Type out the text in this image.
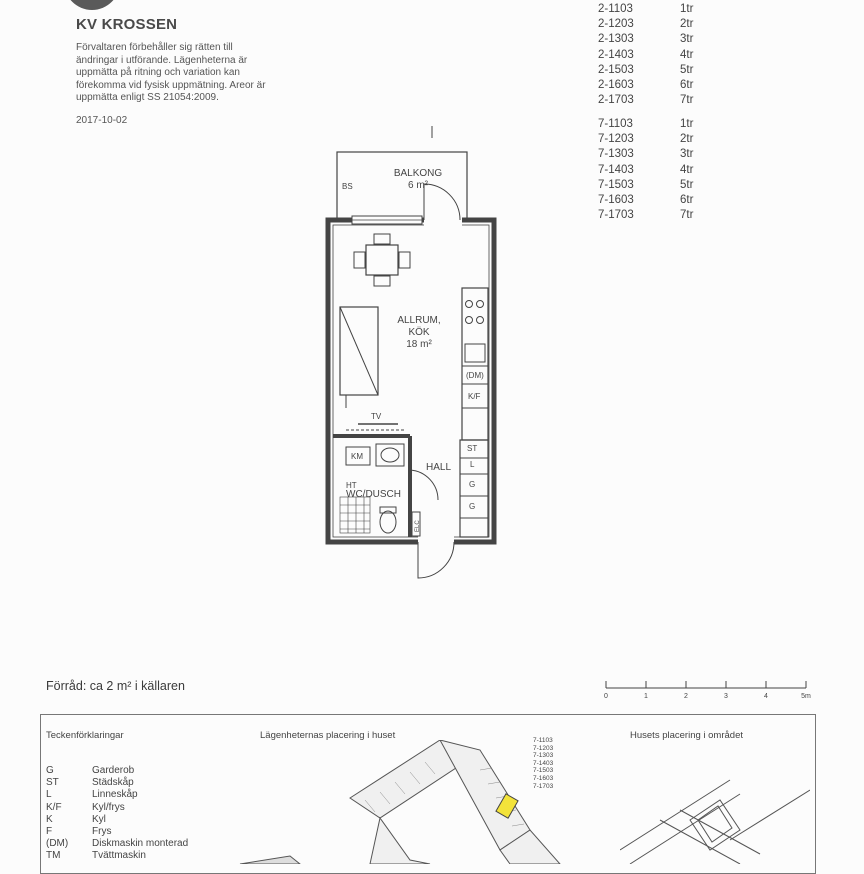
KV KROSSEN
Förvaltaren förbehåller sig rätten till ändringar i utförande. Lägenheterna är uppmätta på ritning och variation kan förekomma vid fysisk uppmätning. Areor är uppmätta enligt SS 21054:2009.
2017-10-02
2-1103	1tr
2-1203	2tr
2-1303	3tr
2-1403	4tr
2-1503	5tr
2-1603	6tr
2-1703	7tr
7-1103	1tr
7-1203	2tr
7-1303	3tr
7-1403	4tr
7-1503	5tr
7-1603	6tr
7-1703	7tr
BS
BALKONG
6 m²
ALLRUM,
KÖK
18 m²
TV
(DM)
K/F
ST
L
G
G
KM
HT
WC/DUSCH
HALL
ELC
Förråd: ca 2 m² i källaren
0	1	2	3	4	5m
Teckenförklaringar
G	Garderob
ST	Städskåp
L	Linneskåp
K/F	Kyl/frys
K	Kyl
F	Frys
(DM)	Diskmaskin monterad
TM	Tvättmaskin
Lägenheternas placering i huset	7-1103
7-1203
7-1303
7-1403
7-1503
7-1603
7-1703
Husets placering i området
